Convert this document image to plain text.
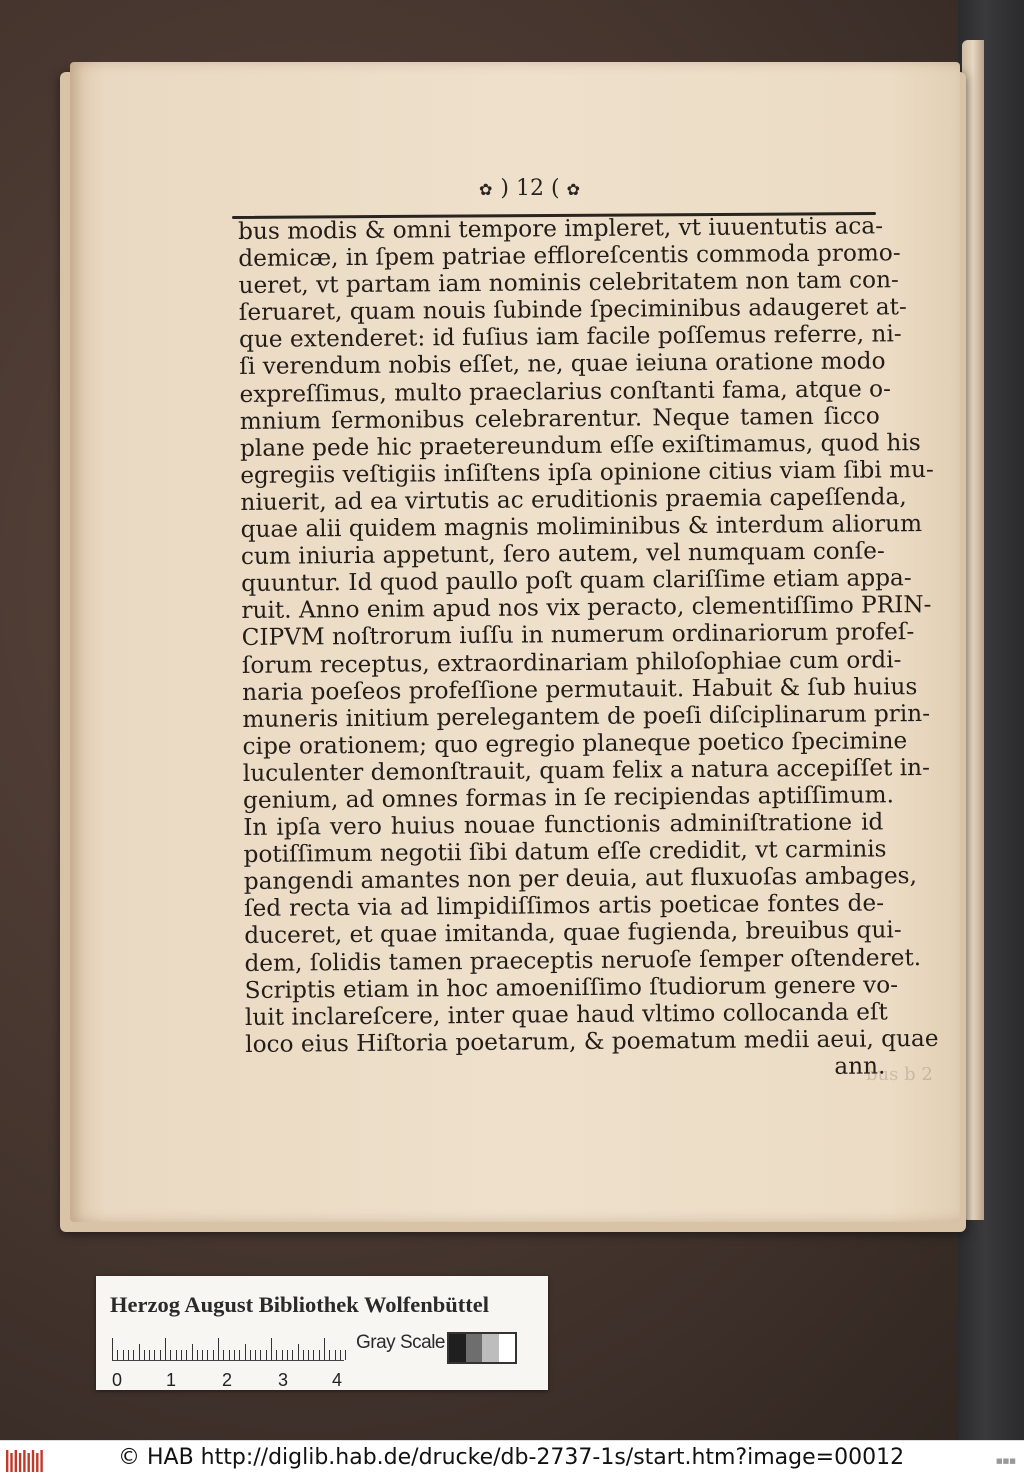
✿ ) 12 ( ✿
bus modis & omni tempore impleret, vt iuuentutis aca-
demicæ, in ſpem patriae effloreſcentis commoda promo-
ueret, vt partam iam nominis celebritatem non tam con-
ſeruaret, quam nouis ſubinde ſpeciminibus adaugeret at-
que extenderet: id fuſius iam facile poſſemus referre, ni-
ſi verendum nobis eſſet, ne, quae ieiuna oratione modo
expreſſimus, multo praeclarius conſtanti fama, atque o-
mnium ſermonibus celebrarentur. Neque tamen ſicco
plane pede hic praetereundum eſſe exiſtimamus, quod his
egregiis veſtigiis inſiſtens ipſa opinione citius viam ſibi mu-
niuerit, ad ea virtutis ac eruditionis praemia capeſſenda,
quae alii quidem magnis moliminibus & interdum aliorum
cum iniuria appetunt, ſero autem, vel numquam conſe-
quuntur. Id quod paullo poſt quam clariſſime etiam appa-
ruit. Anno enim apud nos vix peracto, clementiſſimo PRIN-
CIPVM noſtrorum iuſſu in numerum ordinariorum profeſ-
ſorum receptus, extraordinariam philoſophiae cum ordi-
naria poeſeos profeſſione permutauit. Habuit & ſub huius
muneris initium perelegantem de poeſi diſciplinarum prin-
cipe orationem; quo egregio planeque poetico ſpecimine
luculenter demonſtrauit, quam felix a natura accepiſſet in-
genium, ad omnes formas in ſe recipiendas aptiſſimum.
In ipſa vero huius nouae functionis adminiſtratione id
potiſſimum negotii ſibi datum eſſe credidit, vt carminis
pangendi amantes non per deuia, aut fluxuoſas ambages,
ſed recta via ad limpidiſſimos artis poeticae fontes de-
duceret, et quae imitanda, quae fugienda, breuibus qui-
dem, ſolidis tamen praeceptis neruoſe ſemper oſtenderet.
Scriptis etiam in hoc amoeniſſimo ſtudiorum genere vo-
luit inclareſcere, inter quae haud vltimo collocanda eſt
loco eius Hiſtoria poetarum, & poematum medii aeui, quae
ann.
bus b 2
Herzog August Bibliothek Wolfenbüttel
0 1	2	3 4
Gray Scale
© HAB http://diglib.hab.de/drucke/db-2737-1s/start.htm?image=00012	■■■
